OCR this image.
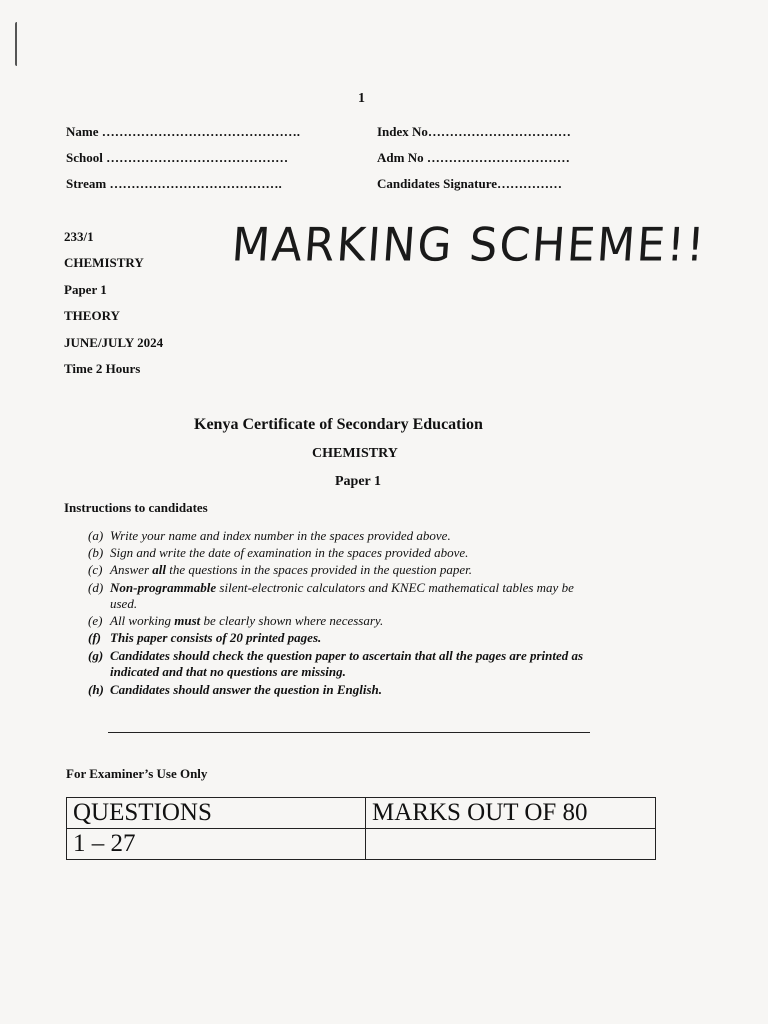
1
Name ……………………………………….
School ……………………………………
Stream ………………………………….
Index No……………………………
Adm No ……………………………
Candidates Signature……………
233/1
CHEMISTRY
Paper 1
THEORY
JUNE/JULY 2024
Time 2 Hours
MARKING SCHEME!!
Kenya Certificate of Secondary Education
CHEMISTRY
Paper 1
Instructions to candidates
(a) Write your name and index number in the spaces provided above.
(b) Sign and write the date of examination in the spaces provided above.
(c) Answer all the questions in the spaces provided in the question paper.
(d) Non-programmable silent-electronic calculators and KNEC mathematical tables may be
used.
(e) All working must be clearly shown where necessary.
(f) This paper consists of 20 printed pages.
(g) Candidates should check the question paper to ascertain that all the pages are printed as
indicated and that no questions are missing.
(h) Candidates should answer the question in English.
For Examiner’s Use Only
QUESTIONS	MARKS OUT OF 80
1 – 27	
